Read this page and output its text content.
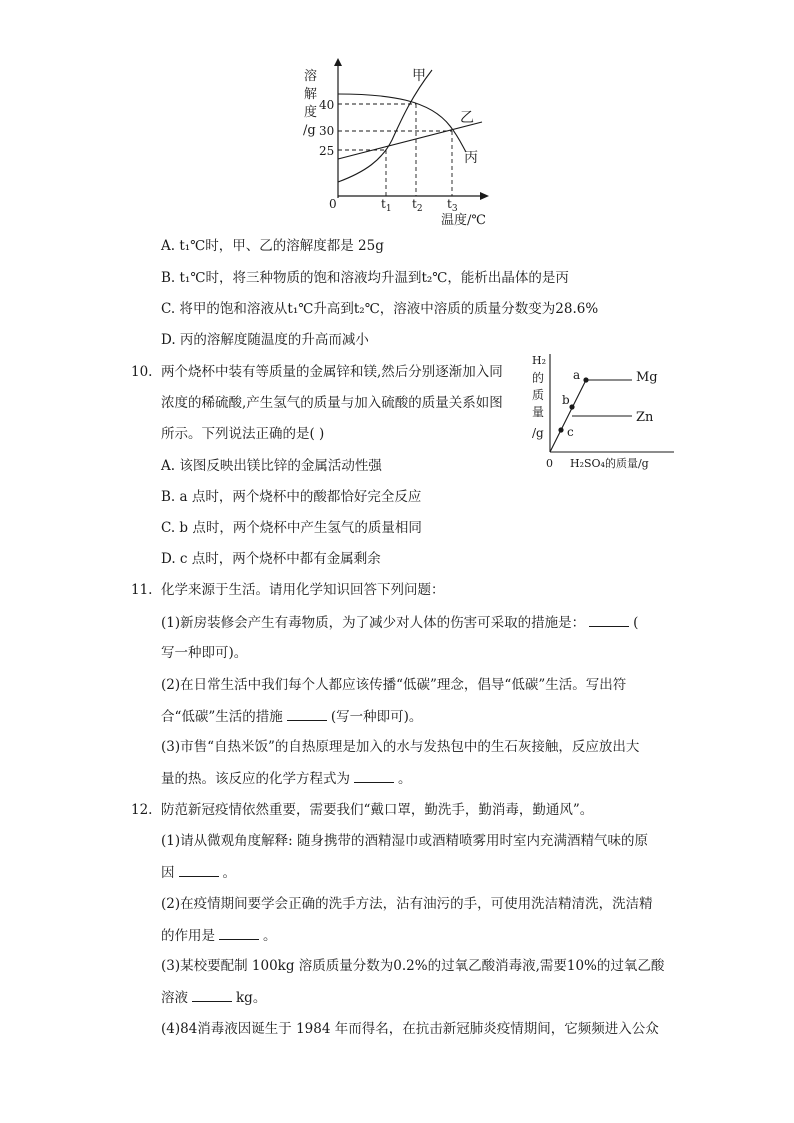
溶
解
度
/g
40
30
25
甲
乙
丙
0	$t_1$ $t_2$ $t_3$
温度/℃
A. t₁℃时，甲、乙的溶解度都是 25g
B. t₁℃时，将三种物质的饱和溶液均升温到t₂℃，能析出晶体的是丙
C. 将甲的饱和溶液从t₁℃升高到t₂℃，溶液中溶质的质量分数变为28.6%
D. 丙的溶解度随温度的升高而减小
10. 两个烧杯中装有等质量的金属锌和镁,然后分别逐渐加入同
浓度的稀硫酸,产生氢气的质量与加入硫酸的质量关系如图
所示。下列说法正确的是( )
A. 该图反映出镁比锌的金属活动性强
B. a 点时，两个烧杯中的酸都恰好完全反应
C. b 点时，两个烧杯中产生氢气的质量相同
D. c 点时，两个烧杯中都有金属剩余
H₂
的
质
量
/g
a
b
c
Mg
Zn
0 H₂SO₄的质量/g
11. 化学来源于生活。请用化学知识回答下列问题：
(1)新房装修会产生有毒物质，为了减少对人体的伤害可采取的措施是：	(
写一种即可)。
(2)在日常生活中我们每个人都应该传播“低碳”理念，倡导“低碳”生活。写出符
合“低碳”生活的措施	(写一种即可)。
(3)市售“自热米饭”的自热原理是加入的水与发热包中的生石灰接触，反应放出大
量的热。该反应的化学方程式为	。
12. 防范新冠疫情依然重要，需要我们“戴口罩，勤洗手，勤消毒，勤通风”。
(1)请从微观角度解释: 随身携带的酒精湿巾或酒精喷雾用时室内充满酒精气味的原
因	。
(2)在疫情期间要学会正确的洗手方法，沾有油污的手，可使用洗洁精清洗，洗洁精
的作用是	。
(3)某校要配制 100kg 溶质质量分数为0.2%的过氧乙酸消毒液,需要10%的过氧乙酸
溶液	kg。
(4)84消毒液因诞生于 1984 年而得名，在抗击新冠肺炎疫情期间，它频频进入公众
